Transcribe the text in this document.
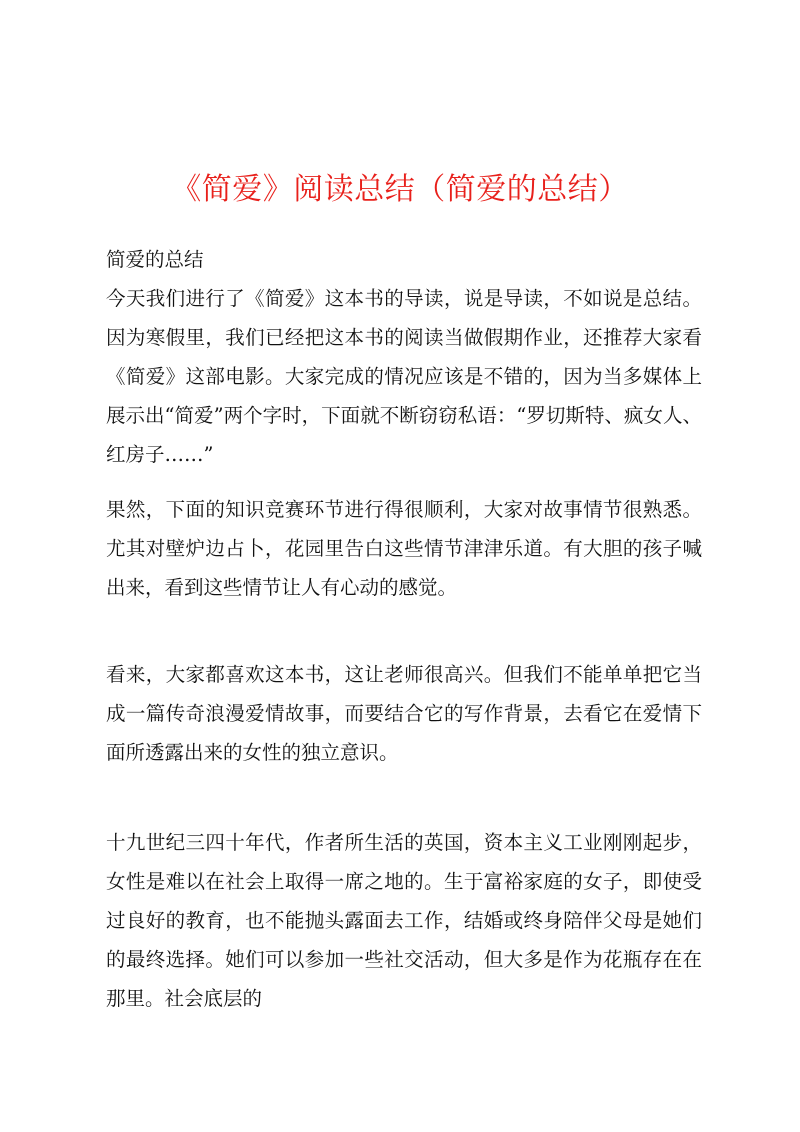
《简爱》阅读总结（简爱的总结）

简爱的总结

今天我们进行了《简爱》这本书的导读，说是导读，不如说是总结。因为寒假里，我们已经把这本书的阅读当做假期作业，还推荐大家看《简爱》这部电影。大家完成的情况应该是不错的，因为当多媒体上展示出“简爱”两个字时，下面就不断窃窃私语：“罗切斯特、疯女人、红房子……”

果然，下面的知识竞赛环节进行得很顺利，大家对故事情节很熟悉。尤其对壁炉边占卜，花园里告白这些情节津津乐道。有大胆的孩子喊出来，看到这些情节让人有心动的感觉。

看来，大家都喜欢这本书，这让老师很高兴。但我们不能单单把它当成一篇传奇浪漫爱情故事，而要结合它的写作背景，去看它在爱情下面所透露出来的女性的独立意识。

十九世纪三四十年代，作者所生活的英国，资本主义工业刚刚起步，女性是难以在社会上取得一席之地的。生于富裕家庭的女子，即使受过良好的教育，也不能抛头露面去工作，结婚或终身陪伴父母是她们的最终选择。她们可以参加一些社交活动，但大多是作为花瓶存在在那里。社会底层的
